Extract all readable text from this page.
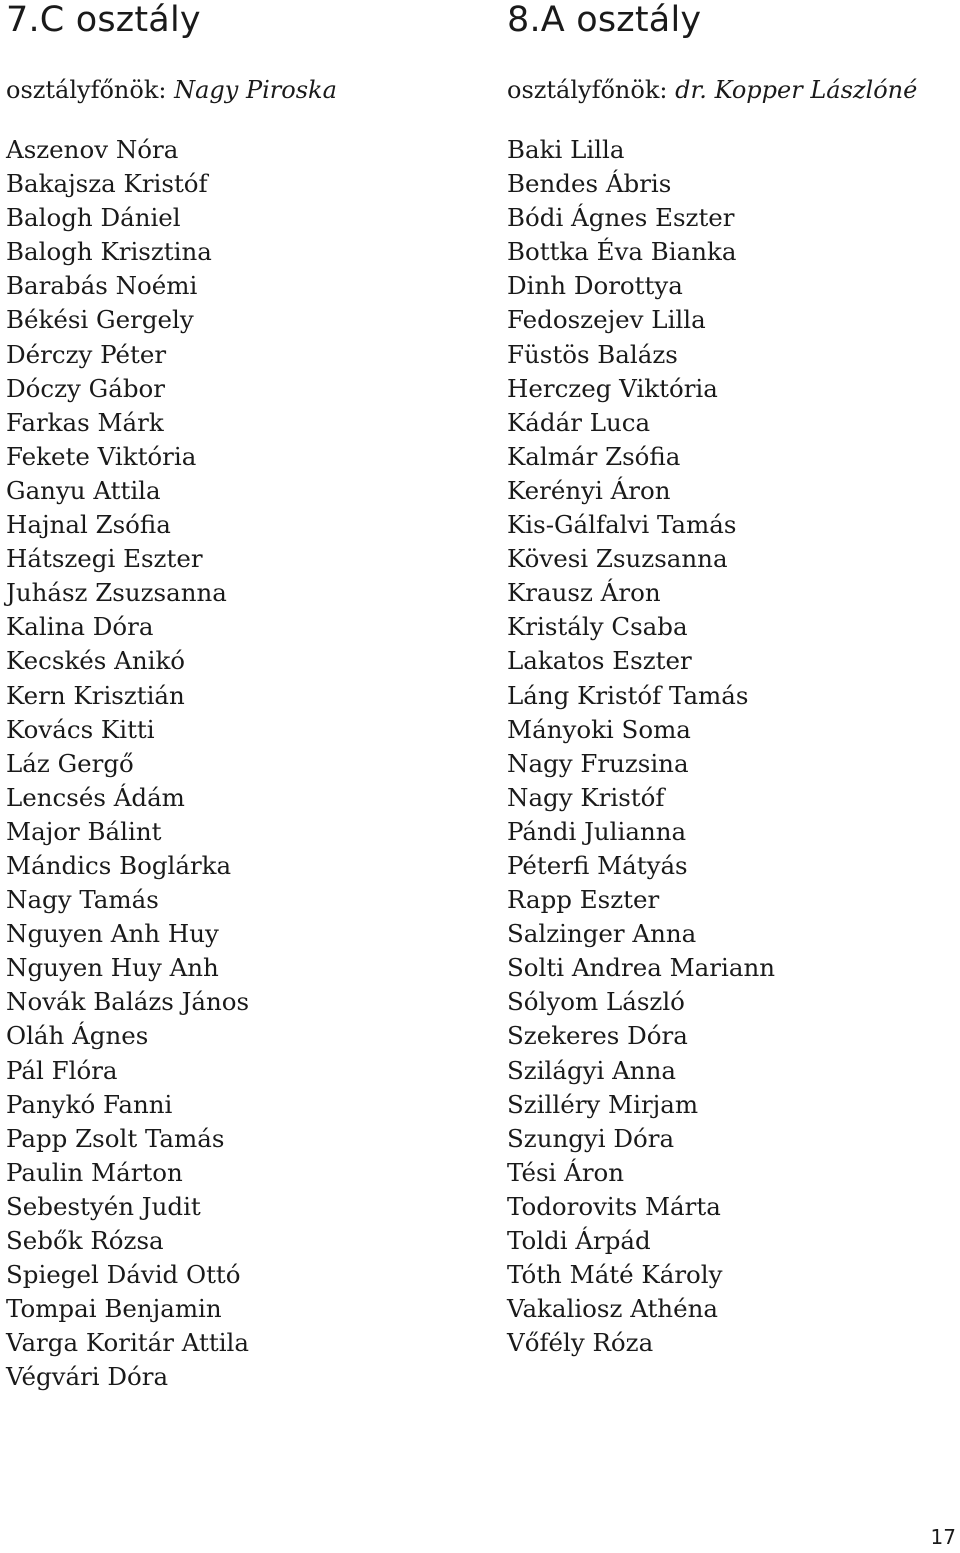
7.C osztály
osztályfőnök: Nagy Piroska
Aszenov Nóra
Bakajsza Kristóf
Balogh Dániel
Balogh Krisztina
Barabás Noémi
Békési Gergely
Dérczy Péter
Dóczy Gábor
Farkas Márk
Fekete Viktória
Ganyu Attila
Hajnal Zsófia
Hátszegi Eszter
Juhász Zsuzsanna
Kalina Dóra
Kecskés Anikó
Kern Krisztián
Kovács Kitti
Láz Gergő
Lencsés Ádám
Major Bálint
Mándics Boglárka
Nagy Tamás
Nguyen Anh Huy
Nguyen Huy Anh
Novák Balázs János
Oláh Ágnes
Pál Flóra
Panykó Fanni
Papp Zsolt Tamás
Paulin Márton
Sebestyén Judit
Sebők Rózsa
Spiegel Dávid Ottó
Tompai Benjamin
Varga Koritár Attila
Végvári Dóra
8.A osztály
osztályfőnök: dr. Kopper Lászlóné
Baki Lilla
Bendes Ábris
Bódi Ágnes Eszter
Bottka Éva Bianka
Dinh Dorottya
Fedoszejev Lilla
Füstös Balázs
Herczeg Viktória
Kádár Luca
Kalmár Zsófia
Kerényi Áron
Kis-Gálfalvi Tamás
Kövesi Zsuzsanna
Krausz Áron
Kristály Csaba
Lakatos Eszter
Láng Kristóf Tamás
Mányoki Soma
Nagy Fruzsina
Nagy Kristóf
Pándi Julianna
Péterfi Mátyás
Rapp Eszter
Salzinger Anna
Solti Andrea Mariann
Sólyom László
Szekeres Dóra
Szilágyi Anna
Szilléry Mirjam
Szungyi Dóra
Tési Áron
Todorovits Márta
Toldi Árpád
Tóth Máté Károly
Vakaliosz Athéna
Vőfély Róza
17
